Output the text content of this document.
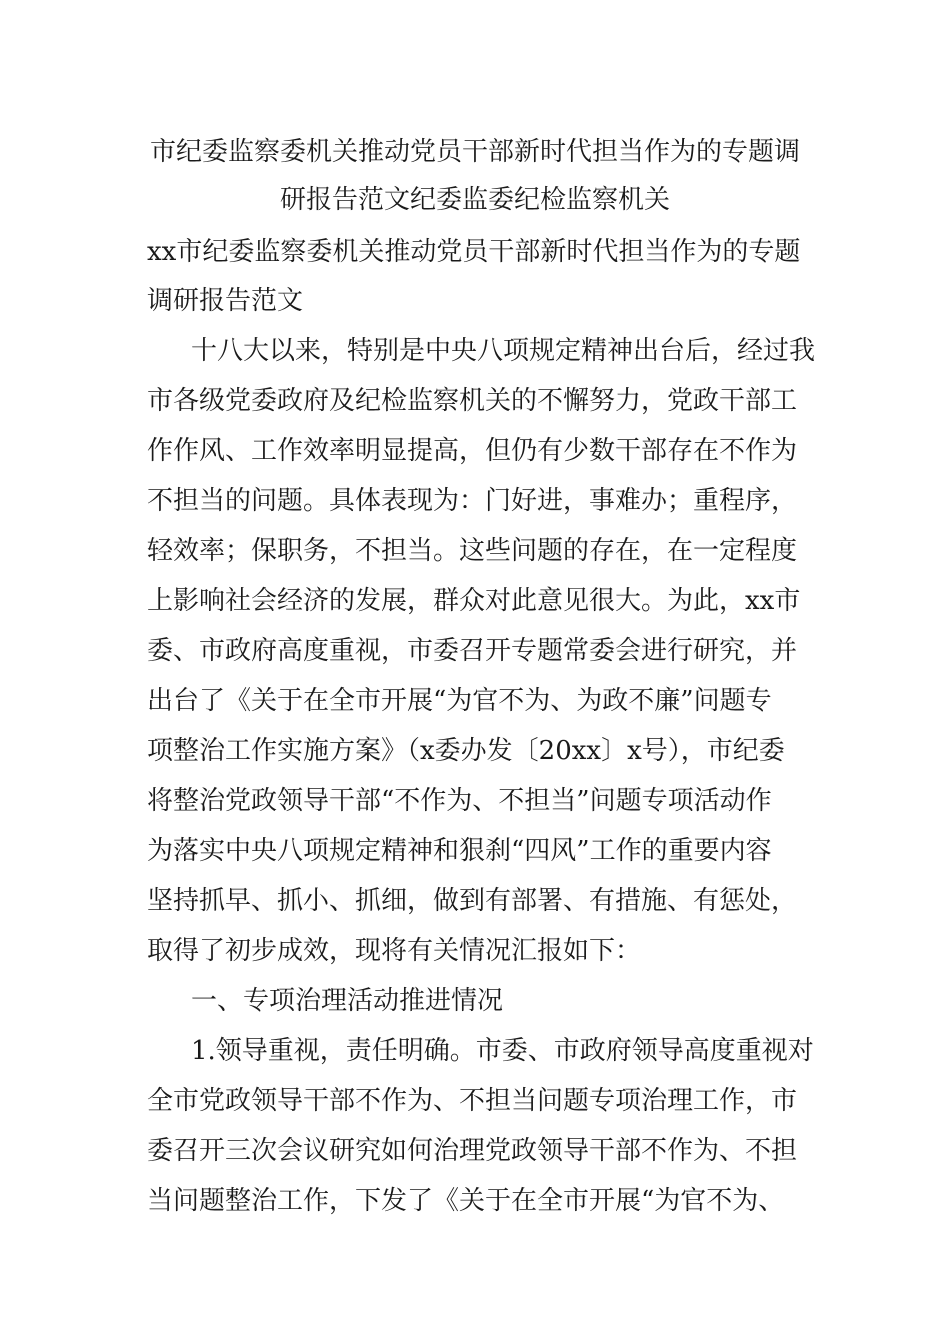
市纪委监察委机关推动党员干部新时代担当作为的专题调
研报告范文纪委监委纪检监察机关
xx市纪委监察委机关推动党员干部新时代担当作为的专题
调研报告范文
十八大以来，特别是中央八项规定精神出台后，经过我
市各级党委政府及纪检监察机关的不懈努力，党政干部工
作作风、工作效率明显提高，但仍有少数干部存在不作为
不担当的问题。具体表现为：门好进，事难办；重程序，
轻效率；保职务，不担当。这些问题的存在，在一定程度
上影响社会经济的发展，群众对此意见很大。为此，xx市
委、市政府高度重视，市委召开专题常委会进行研究，并
出台了《关于在全市开展“为官不为、为政不廉”问题专
项整治工作实施方案》（x委办发〔20xx〕x号），市纪委
将整治党政领导干部“不作为、不担当”问题专项活动作
为落实中央八项规定精神和狠刹“四风”工作的重要内容
坚持抓早、抓小、抓细，做到有部署、有措施、有惩处，
取得了初步成效，现将有关情况汇报如下：
一、专项治理活动推进情况
1.领导重视，责任明确。市委、市政府领导高度重视对
全市党政领导干部不作为、不担当问题专项治理工作，市
委召开三次会议研究如何治理党政领导干部不作为、不担
当问题整治工作，下发了《关于在全市开展“为官不为、
